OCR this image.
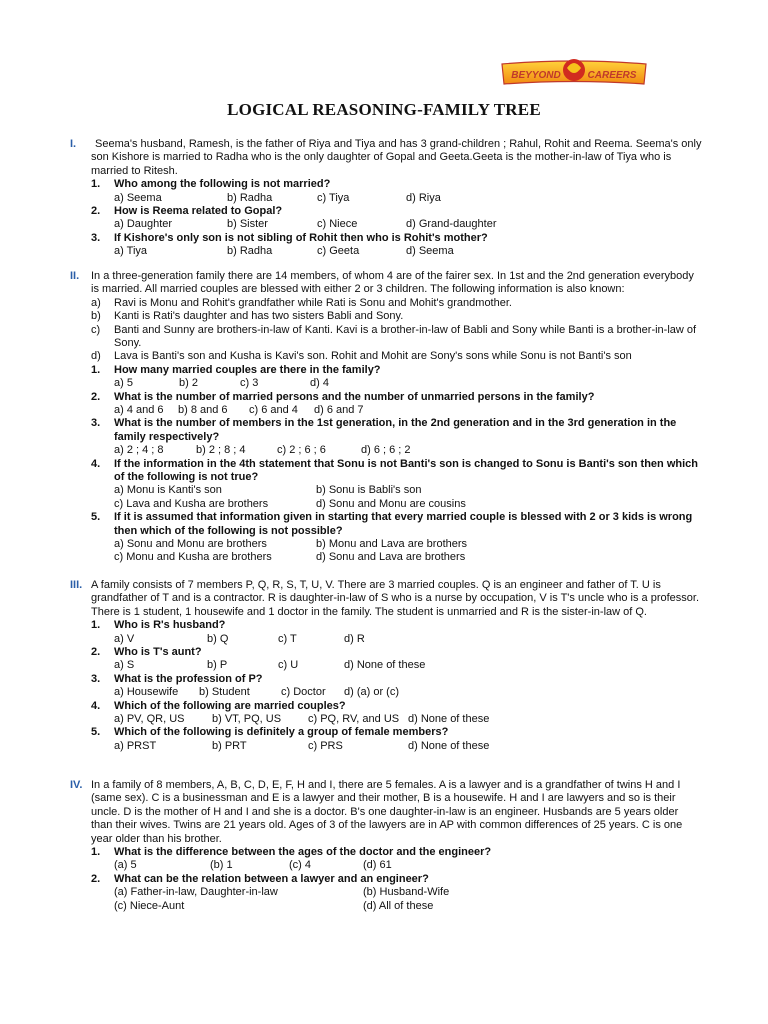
BEYYOND	CAREERS
LOGICAL REASONING-FAMILY TREE
I.	Seema's husband, Ramesh, is the father of Riya and Tiya and has 3 grand-children ; Rahul, Rohit and Reema. Seema's only son Kishore is married to Radha who is the only daughter of Gopal and Geeta.Geeta is the mother-in-law of Tiya who is married to Ritesh.

1.	Who among the following is not married?
a) Seema	b) Radha	c) Tiya	d) Riya
2.	How is Reema related to Gopal?
a) Daughter	b) Sister	c) Niece	d) Grand-daughter
3.	If Kishore's only son is not sibling of Rohit then who is Rohit's mother?
a) Tiya	b) Radha	c) Geeta	d) Seema
II. In a three-generation family there are 14 members, of whom 4 are of the fairer sex. In 1st and the 2nd generation everybody is married. All married couples are blessed with either 2 or 3 children. The following information is also known:

a)	Ravi is Monu and Rohit's grandfather while Rati is Sonu and Mohit's grandmother.
b)	Kanti is Rati's daughter and has two sisters Babli and Sony.
c)	Banti and Sunny are brothers-in-law of Kanti. Kavi is a brother-in-law of Babli and Sony while Banti is a brother-in-law of Sony.
d)	Lava is Banti's son and Kusha is Kavi's son. Rohit and Mohit are Sony's sons while Sonu is not Banti's son
1.	How many married couples are there in the family?
a) 5	b) 2	c) 3	d) 4
2.	What is the number of married persons and the number of unmarried persons in the family?
a) 4 and 6 b) 8 and 6 c) 6 and 4 d) 6 and 7
3.	What is the number of members in the 1st generation, in the 2nd generation and in the 3rd generation in the family respectively?
a) 2 ; 4 ; 8	b) 2 ; 8 ; 4	c) 2 ; 6 ; 6	d) 6 ; 6 ; 2
4.	If the information in the 4th statement that Sonu is not Banti's son is changed to Sonu is Banti's son then which of the following is not true?
a) Monu is Kanti's son	b) Sonu is Babli's son
c) Lava and Kusha are brothers	d) Sonu and Monu are cousins
5.	If it is assumed that information given in starting that every married couple is blessed with 2 or 3 kids is wrong then which of the following is not possible?
a) Sonu and Monu are brothers	b) Monu and Lava are brothers
c) Monu and Kusha are brothers	d) Sonu and Lava are brothers
III. A family consists of 7 members P, Q, R, S, T, U, V. There are 3 married couples. Q is an engineer and father of T. U is grandfather of T and is a contractor. R is daughter-in-law of S who is a nurse by occupation, V is T's uncle who is a professor. There is 1 student, 1 housewife and 1 doctor in the family. The student is unmarried and R is the sister-in-law of Q.

1.	Who is R's husband?
a) V	b) Q	c) T	d) R
2.	Who is T's aunt?
a) S	b) P	c) U	d) None of these
3.	What is the profession of P?
a) Housewife b) Student	c) Doctor d) (a) or (c)
4.	Which of the following are married couples?
a) PV, QR, US b) VT, PQ, US c) PQ, RV, and US d) None of these
5.	Which of the following is definitely a group of female members?
a) PRST	b) PRT	c) PRS	d) None of these
IV. In a family of 8 members, A, B, C, D, E, F, H and I, there are 5 females. A is a lawyer and is a grandfather of twins H and I (same sex). C is a businessman and E is a lawyer and their mother, B is a housewife. H and I are lawyers and so is their uncle. D is the mother of H and I and she is a doctor. B's one daughter-in-law is an engineer. Husbands are 5 years older than their wives. Twins are 21 years old. Ages of 3 of the lawyers are in AP with common differences of 25 years. C is one year older than his brother.

1.	What is the difference between the ages of the doctor and the engineer?
(a) 5	(b) 1	(c) 4	(d) 61
2.	What can be the relation between a lawyer and an engineer?
(a) Father-in-law, Daughter-in-law	(b) Husband-Wife
(c) Niece-Aunt	(d) All of these
